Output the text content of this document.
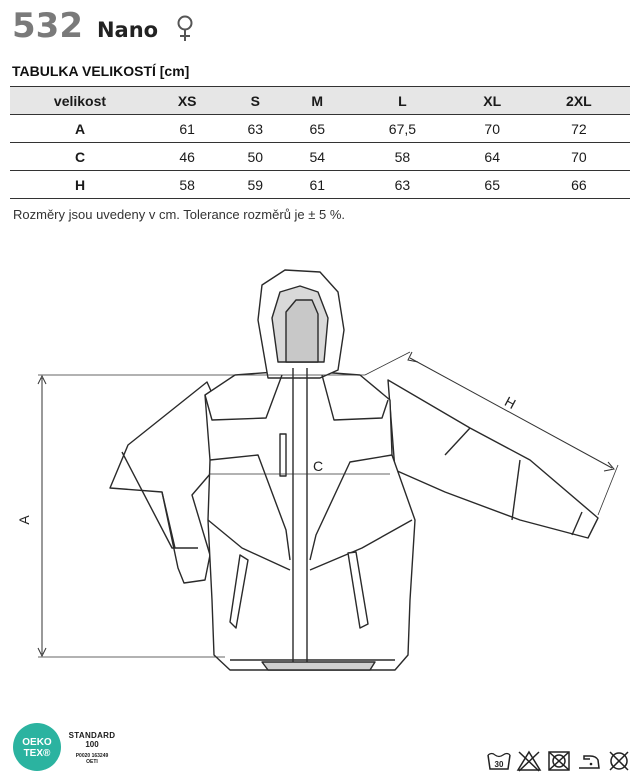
532 Nano
TABULKA VELIKOSTÍ [cm]
velikost	XS	S	M	L	XL	2XL
A	61	63	65	67,5	70	72
C	46	50	54	58	64	70
H	58	59	61	63	65	66
Rozměry jsou uvedeny v cm. Tolerance rozměrů je ± 5 %.
A
C
H
OEKO
TEX®
STANDARD
100
P0020 163249
OETI	30
